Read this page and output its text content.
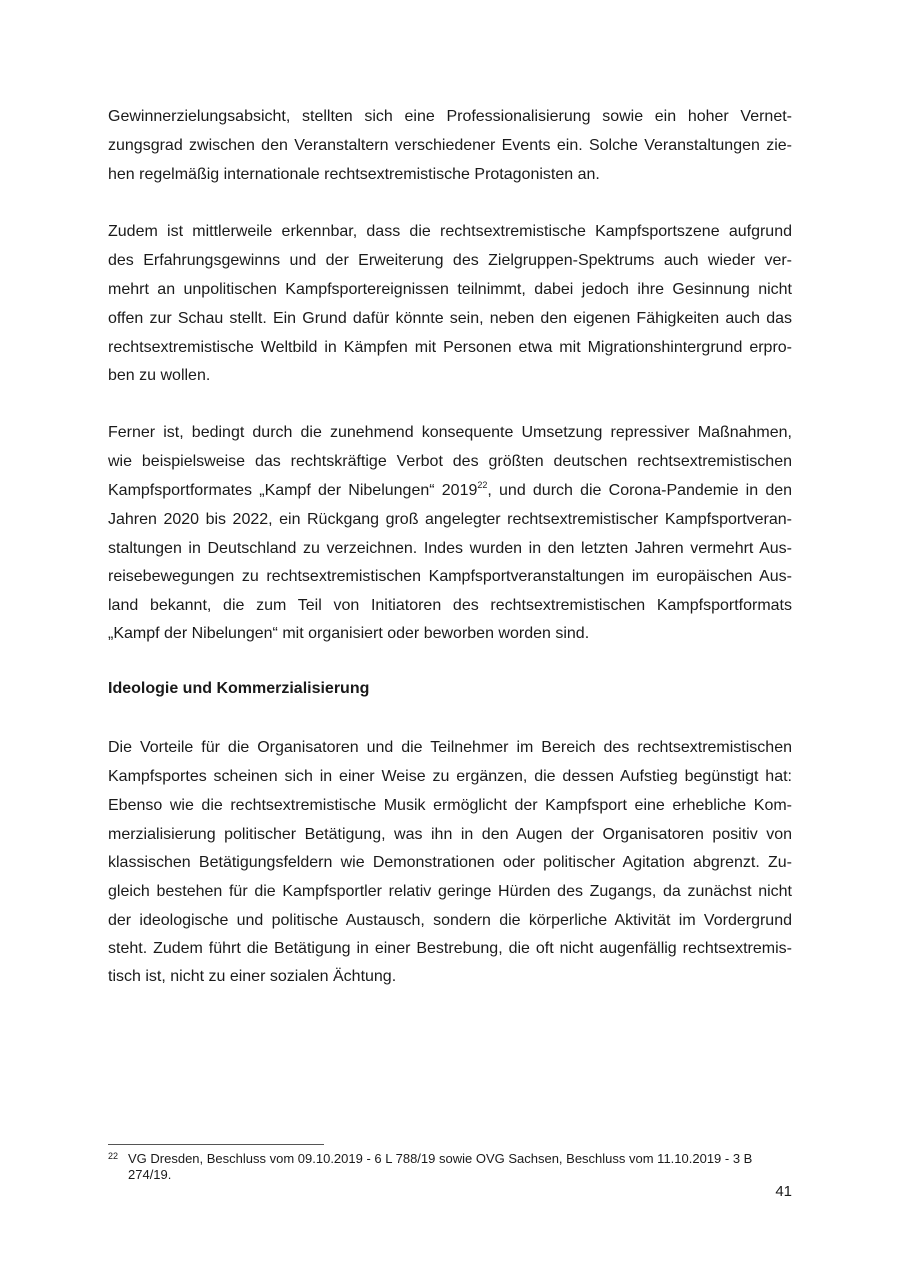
Gewinnerzielungsabsicht, stellten sich eine Professionalisierung sowie ein hoher Vernet-
zungsgrad zwischen den Veranstaltern verschiedener Events ein. Solche Veranstaltungen zie-
hen regelmäßig internationale rechtsextremistische Protagonisten an.
Zudem ist mittlerweile erkennbar, dass die rechtsextremistische Kampfsportszene aufgrund
des Erfahrungsgewinns und der Erweiterung des Zielgruppen-Spektrums auch wieder ver-
mehrt an unpolitischen Kampfsportereignissen teilnimmt, dabei jedoch ihre Gesinnung nicht
offen zur Schau stellt. Ein Grund dafür könnte sein, neben den eigenen Fähigkeiten auch das
rechtsextremistische Weltbild in Kämpfen mit Personen etwa mit Migrationshintergrund erpro-
ben zu wollen.
Ferner ist, bedingt durch die zunehmend konsequente Umsetzung repressiver Maßnahmen,
wie beispielsweise das rechtskräftige Verbot des größten deutschen rechtsextremistischen
Kampfsportformates „Kampf der Nibelungen“ 2019$^{22}$, und durch die Corona-Pandemie in den
Jahren 2020 bis 2022, ein Rückgang groß angelegter rechtsextremistischer Kampfsportveran-
staltungen in Deutschland zu verzeichnen. Indes wurden in den letzten Jahren vermehrt Aus-
reisebewegungen zu rechtsextremistischen Kampfsportveranstaltungen im europäischen Aus-
land bekannt, die zum Teil von Initiatoren des rechtsextremistischen Kampfsportformats
„Kampf der Nibelungen“ mit organisiert oder beworben worden sind.
Ideologie und Kommerzialisierung
Die Vorteile für die Organisatoren und die Teilnehmer im Bereich des rechtsextremistischen
Kampfsportes scheinen sich in einer Weise zu ergänzen, die dessen Aufstieg begünstigt hat:
Ebenso wie die rechtsextremistische Musik ermöglicht der Kampfsport eine erhebliche Kom-
merzialisierung politischer Betätigung, was ihn in den Augen der Organisatoren positiv von
klassischen Betätigungsfeldern wie Demonstrationen oder politischer Agitation abgrenzt. Zu-
gleich bestehen für die Kampfsportler relativ geringe Hürden des Zugangs, da zunächst nicht
der ideologische und politische Austausch, sondern die körperliche Aktivität im Vordergrund
steht. Zudem führt die Betätigung in einer Bestrebung, die oft nicht augenfällig rechtsextremis-
tisch ist, nicht zu einer sozialen Ächtung.
22 VG Dresden, Beschluss vom 09.10.2019 - 6 L 788/19 sowie OVG Sachsen, Beschluss vom 11.10.2019 - 3 B
274/19.
41
